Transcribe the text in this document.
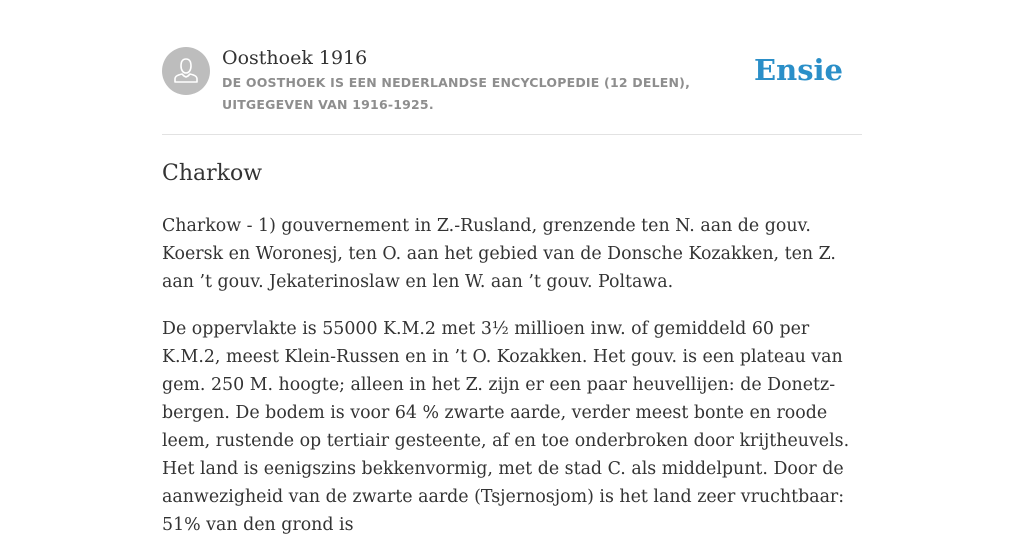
Oosthoek 1916
DE OOSTHOEK IS EEN NEDERLANDSE ENCYCLOPEDIE (12 DELEN), UITGEGEVEN VAN 1916-1925.
Ensie
Charkow

Charkow - 1) gouvernement in Z.-Rusland, grenzende ten N. aan de gouv. Koersk en Woronesj, ten O. aan het gebied van de Donsche Kozakken, ten Z. aan ’t gouv. Jekaterinoslaw en len W. aan ’t gouv. Poltawa.

De oppervlakte is 55000 K.M.2 met 3½ millioen inw. of gemiddeld 60 per K.M.2, meest Klein-Russen en in ’t O. Kozakken. Het gouv. is een plateau van gem. 250 M. hoogte; alleen in het Z. zijn er een paar heuvellijen: de Donetz-bergen. De bodem is voor 64 % zwarte aarde, verder meest bonte en roode leem, rustende op tertiair gesteente, af en toe onderbroken door krijtheuvels. Het land is eenigszins bekkenvormig, met de stad C. als middelpunt. Door de aanwezigheid van de zwarte aarde (Tsjernosjom) is het land zeer vruchtbaar: 51% van den grond is
